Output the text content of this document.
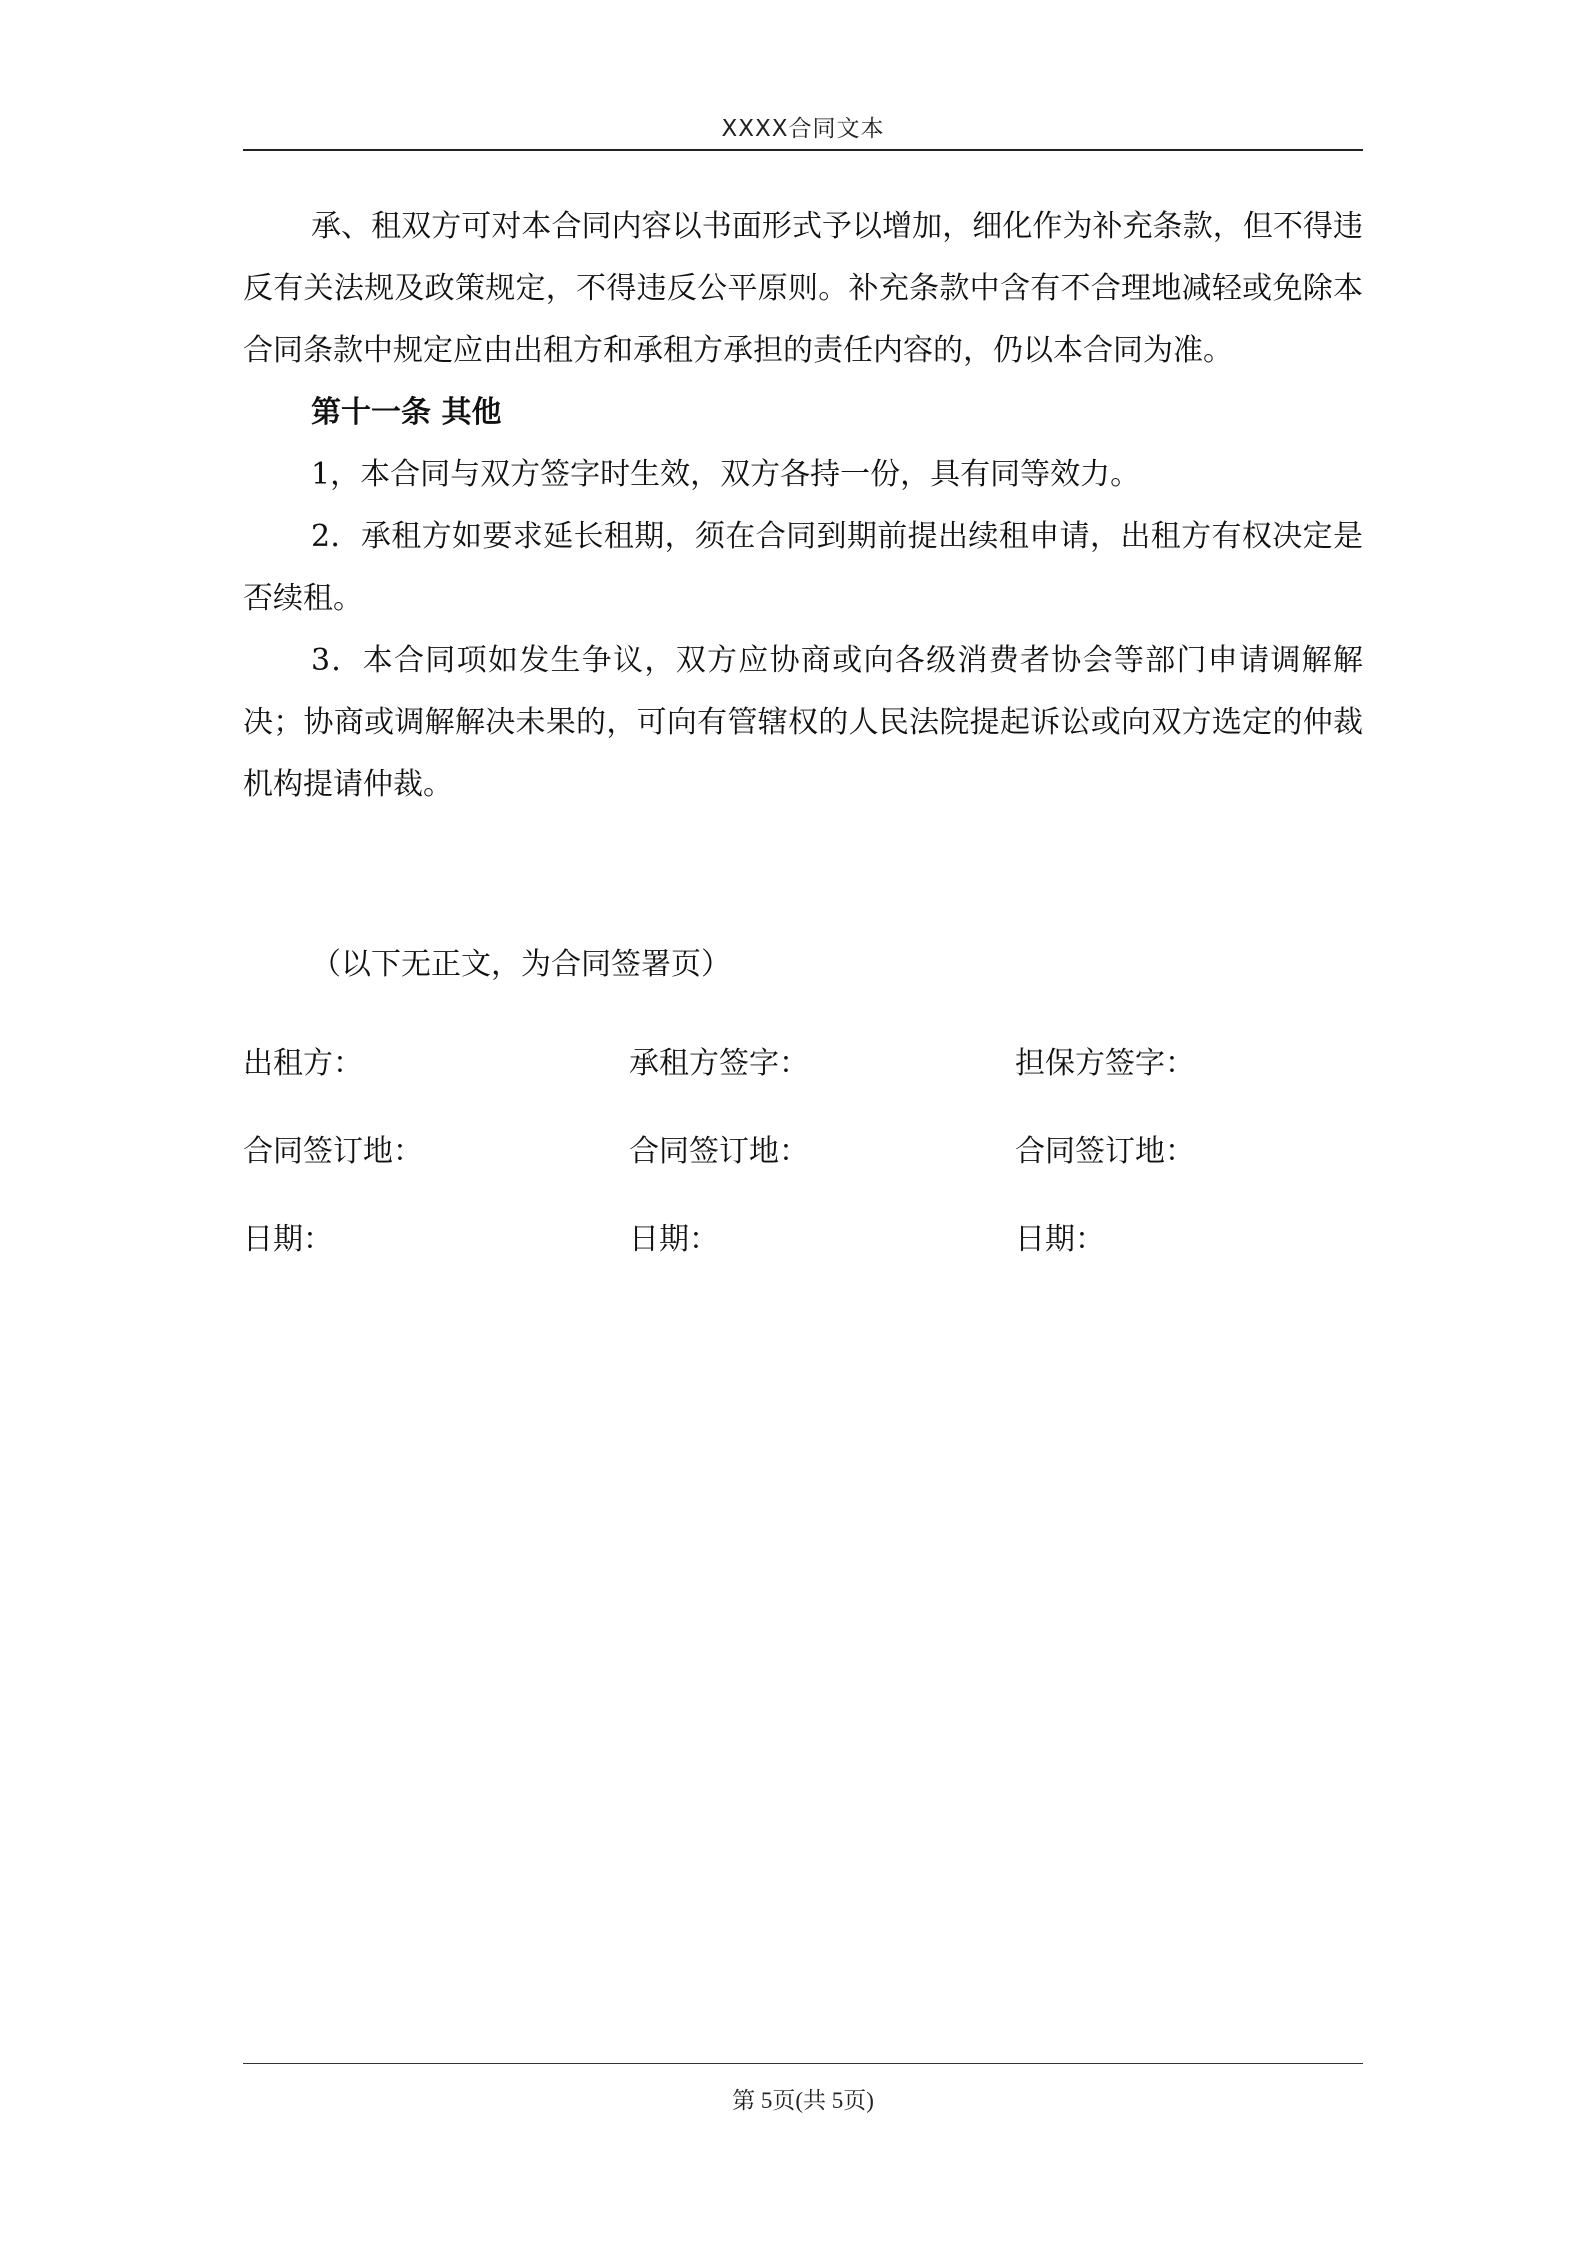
XXXX合同文本

承、租双方可对本合同内容以书面形式予以增加，细化作为补充条款，但不得违反有关法规及政策规定，不得违反公平原则。补充条款中含有不合理地减轻或免除本合同条款中规定应由出租方和承租方承担的责任内容的，仍以本合同为准。

第十一条 其他

1，本合同与双方签字时生效，双方各持一份，具有同等效力。

2．承租方如要求延长租期，须在合同到期前提出续租申请，出租方有权决定是否续租。

3．本合同项如发生争议，双方应协商或向各级消费者协会等部门申请调解解决；协商或调解解决未果的，可向有管辖权的人民法院提起诉讼或向双方选定的仲裁机构提请仲裁。

（以下无正文，为合同签署页）
出租方：	承租方签字：	担保方签字：
合同签订地：	合同签订地：	合同签订地：
日期：	日期：	日期：
第 5页(共 5页)
